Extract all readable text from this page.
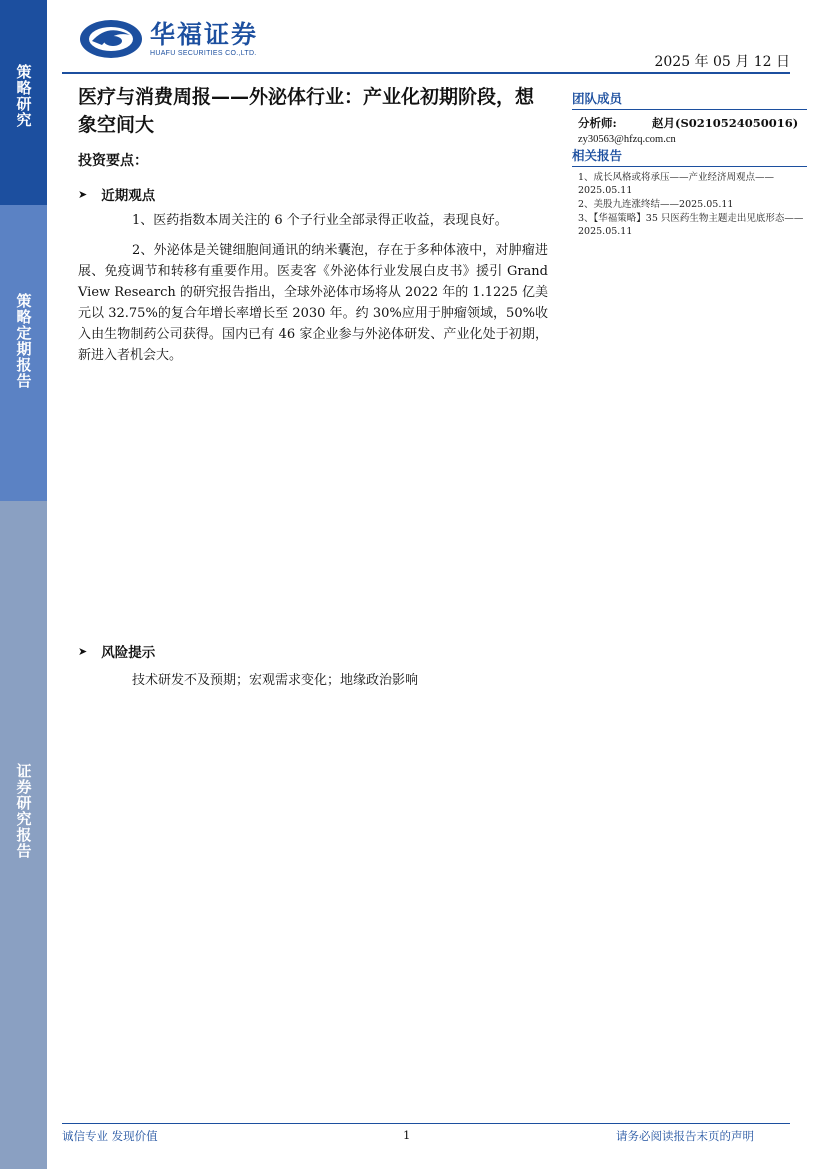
策略研究
策略定期报告
证券研究报告
华福证券
HUAFU SECURITIES CO.,LTD.
2025 年 05 月 12 日
医疗与消费周报——外泌体行业：产业化初期阶段，想象空间大
投资要点：
➤ 近期观点

1、医药指数本周关注的 6 个子行业全部录得正收益，表现良好。

2、外泌体是关键细胞间通讯的纳米囊泡，存在于多种体液中，对肿瘤进展、免疫调节和转移有重要作用。医麦客《外泌体行业发展白皮书》援引 Grand View Research 的研究报告指出，全球外泌体市场将从 2022 年的 1.1225 亿美元以 32.75%的复合年增长率增长至 2030 年。约 30%应用于肿瘤领域，50%收入由生物制药公司获得。国内已有 46 家企业参与外泌体研发、产业化处于初期，新进入者机会大。

➤ 风险提示
技术研发不及预期；宏观需求变化；地缘政治影响
团队成员
分析师:	赵月(S0210524050016)
zy30563@hfzq.com.cn
相关报告
1、成长风格或将承压——产业经济周观点——2025.05.11
2、美股九连涨终结——2025.05.11
3、【华福策略】35 只医药生物主题走出见底形态——2025.05.11
诚信专业 发现价值	1	请务必阅读报告末页的声明
